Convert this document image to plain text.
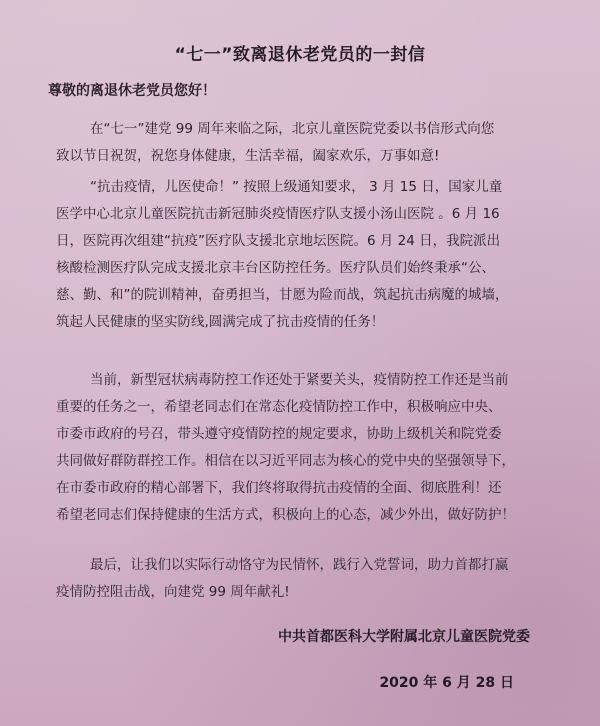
“七一”致离退休老党员的一封信
尊敬的离退休老党员您好！
在“七一”建党 99 周年来临之际，北京儿童医院党委以书信形式向您
致以节日祝贺，祝您身体健康，生活幸福，阖家欢乐，万事如意!
“抗击疫情，儿医使命！” 按照上级通知要求， 3 月 15 日，国家儿童
医学中心北京儿童医院抗击新冠肺炎疫情医疗队支援小汤山医院 。6 月 16
日，医院再次组建“抗疫”医疗队支援北京地坛医院。6 月 24 日，我院派出
核酸检测医疗队完成支援北京丰台区防控任务。医疗队员们始终秉承“公、
慈、勤、和”的院训精神，奋勇担当，甘愿为险而战，筑起抗击病魔的城墙，
筑起人民健康的坚实防线,圆满完成了抗击疫情的任务！
当前，新型冠状病毒防控工作还处于紧要关头，疫情防控工作还是当前
重要的任务之一，希望老同志们在常态化疫情防控工作中，积极响应中央、
市委市政府的号召，带头遵守疫情防控的规定要求，协助上级机关和院党委
共同做好群防群控工作。相信在以习近平同志为核心的党中央的坚强领导下，
在市委市政府的精心部署下，我们终将取得抗击疫情的全面、彻底胜利！还
希望老同志们保持健康的生活方式，积极向上的心态，减少外出，做好防护！
最后，让我们以实际行动恪守为民情怀，践行入党誓词，助力首都打赢
疫情防控阻击战，向建党 99 周年献礼!
中共首都医科大学附属北京儿童医院党委
2020 年 6 月 28 日
